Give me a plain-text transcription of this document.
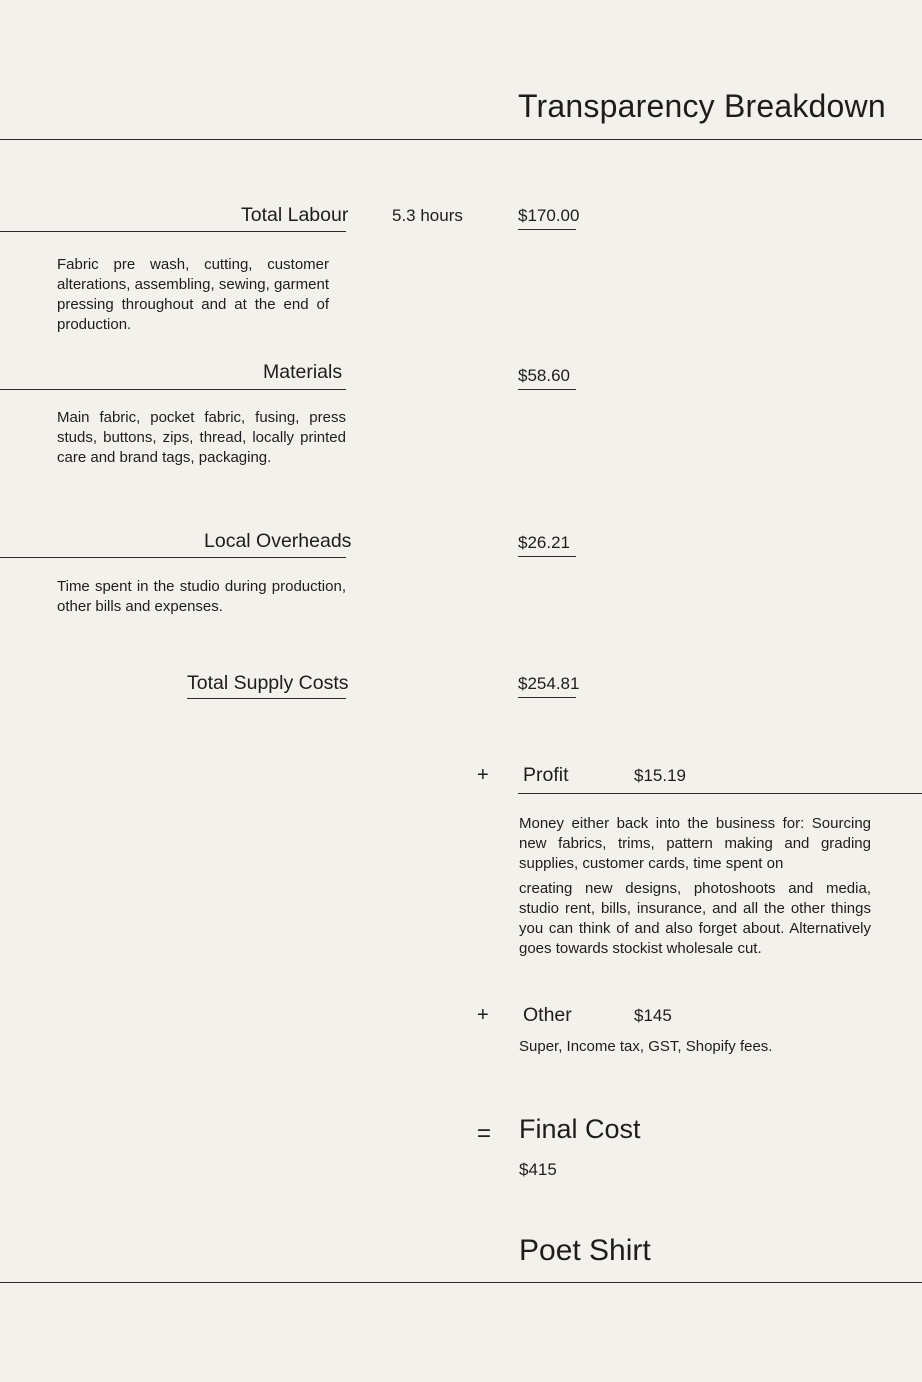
Transparency Breakdown
Total Labour	5.3 hours	$170.00
Fabric pre wash, cutting, customer alterations, assembling, sewing, garment pressing throughout and at the end of production.
Materials	$58.60
Main fabric, pocket fabric, fusing, press studs, buttons, zips, thread, locally printed care and brand tags, packaging.
Local Overheads	$26.21
Time spent in the studio during production, other bills and expenses.
Total Supply Costs	$254.81
+ Profit	$15.19
Money either back into the business for: Sourcing new fabrics, trims, pattern making and grading supplies, customer cards, time spent on
creating new designs, photoshoots and media, studio rent, bills, insurance, and all the other things you can think of and also forget about. Alternatively goes towards stockist wholesale cut.
+ Other	$145
Super, Income tax, GST, Shopify fees.
= Final Cost
$415
Poet Shirt
